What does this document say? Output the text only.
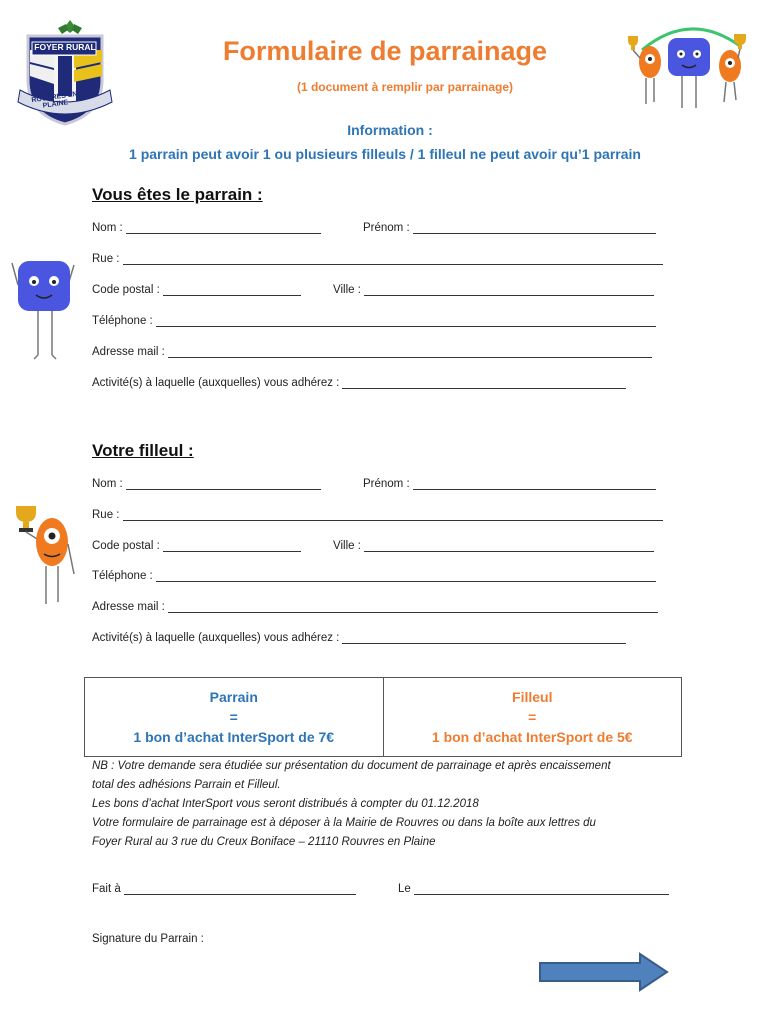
FOYER RURAL
ROUVRES EN PLAINE
Formulaire de parrainage
(1 document à remplir par parrainage)
Information :
1 parrain peut avoir 1 ou plusieurs filleuls / 1 filleul ne peut avoir qu’1 parrain
Vous êtes le parrain :
Nom :	Prénom :
Rue :
Code postal :	Ville :
Téléphone :
Adresse mail :
Activité(s) à laquelle (auxquelles) vous adhérez :
Votre filleul :
Nom :	Prénom :
Rue :
Code postal :	Ville :
Téléphone :
Adresse mail :
Activité(s) à laquelle (auxquelles) vous adhérez :
Parrain
=
1 bon d’achat InterSport de 7€
Filleul
=
1 bon d’achat InterSport de 5€
NB : Votre demande sera étudiée sur présentation du document de parrainage et après encaissement
total des adhésions Parrain et Filleul.
Les bons d’achat InterSport vous seront distribués à compter du 01.12.2018
Votre formulaire de parrainage est à déposer à la Mairie de Rouvres ou dans la boîte aux lettres du
Foyer Rural au 3 rue du Creux Boniface – 21110 Rouvres en Plaine
Fait à	Le
Signature du Parrain :
